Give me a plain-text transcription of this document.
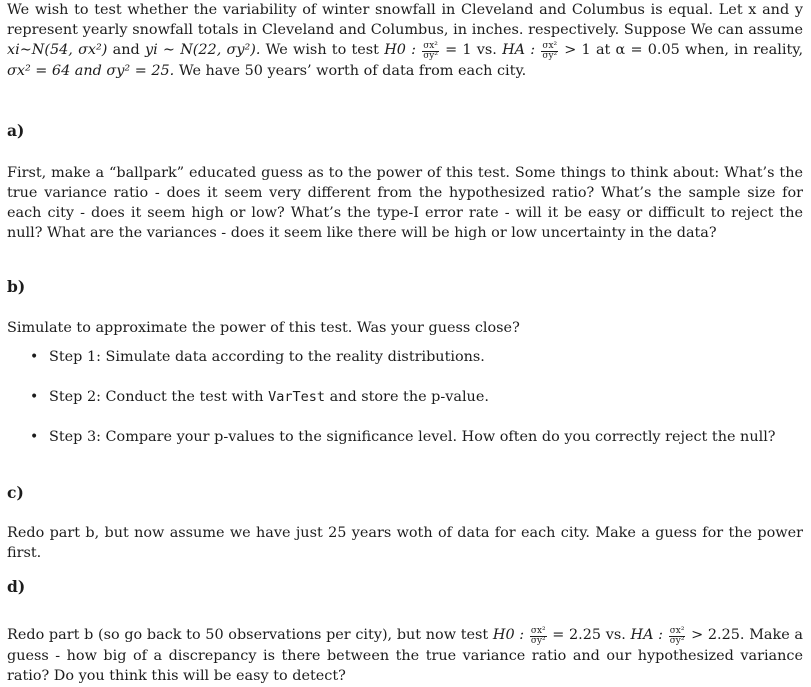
We wish to test whether the variability of winter snowfall in Cleveland and Columbus is equal. Let x and y represent yearly snowfall totals in Cleveland and Columbus, in inches. respectively. Suppose We can assume xi∼N(54, σx²) and yi ∼ N(22, σy²). We wish to test H0 : $\frac{\text{σx²}}{\text{σy²}} = 1$ vs. HA : $\frac{\text{σx²}}{\text{σy²}} > 1$ at α = 0.05 when, in reality, σx² = 64 and σy² = 25. We have 50 years’ worth of data from each city.
a)
First, make a “ballpark” educated guess as to the power of this test. Some things to think about: What’s the true variance ratio - does it seem very different from the hypothesized ratio? What’s the sample size for each city - does it seem high or low? What’s the type-I error rate - will it be easy or difficult to reject the null? What are the variances - does it seem like there will be high or low uncertainty in the data?
b)
Simulate to approximate the power of this test. Was your guess close?
• Step 1: Simulate data according to the reality distributions.
• Step 2: Conduct the test with VarTest and store the p-value.
• Step 3: Compare your p-values to the significance level. How often do you correctly reject the null?
c)
Redo part b, but now assume we have just 25 years woth of data for each city. Make a guess for the power first.
d)
Redo part b (so go back to 50 observations per city), but now test H0 : $\frac{\text{σx²}}{\text{σy²}} = 2.25$ vs. HA : $\frac{\text{σx²}}{\text{σy²}} > 2.25$. Make a guess - how big of a discrepancy is there between the true variance ratio and our hypothesized variance ratio? Do you think this will be easy to detect?
